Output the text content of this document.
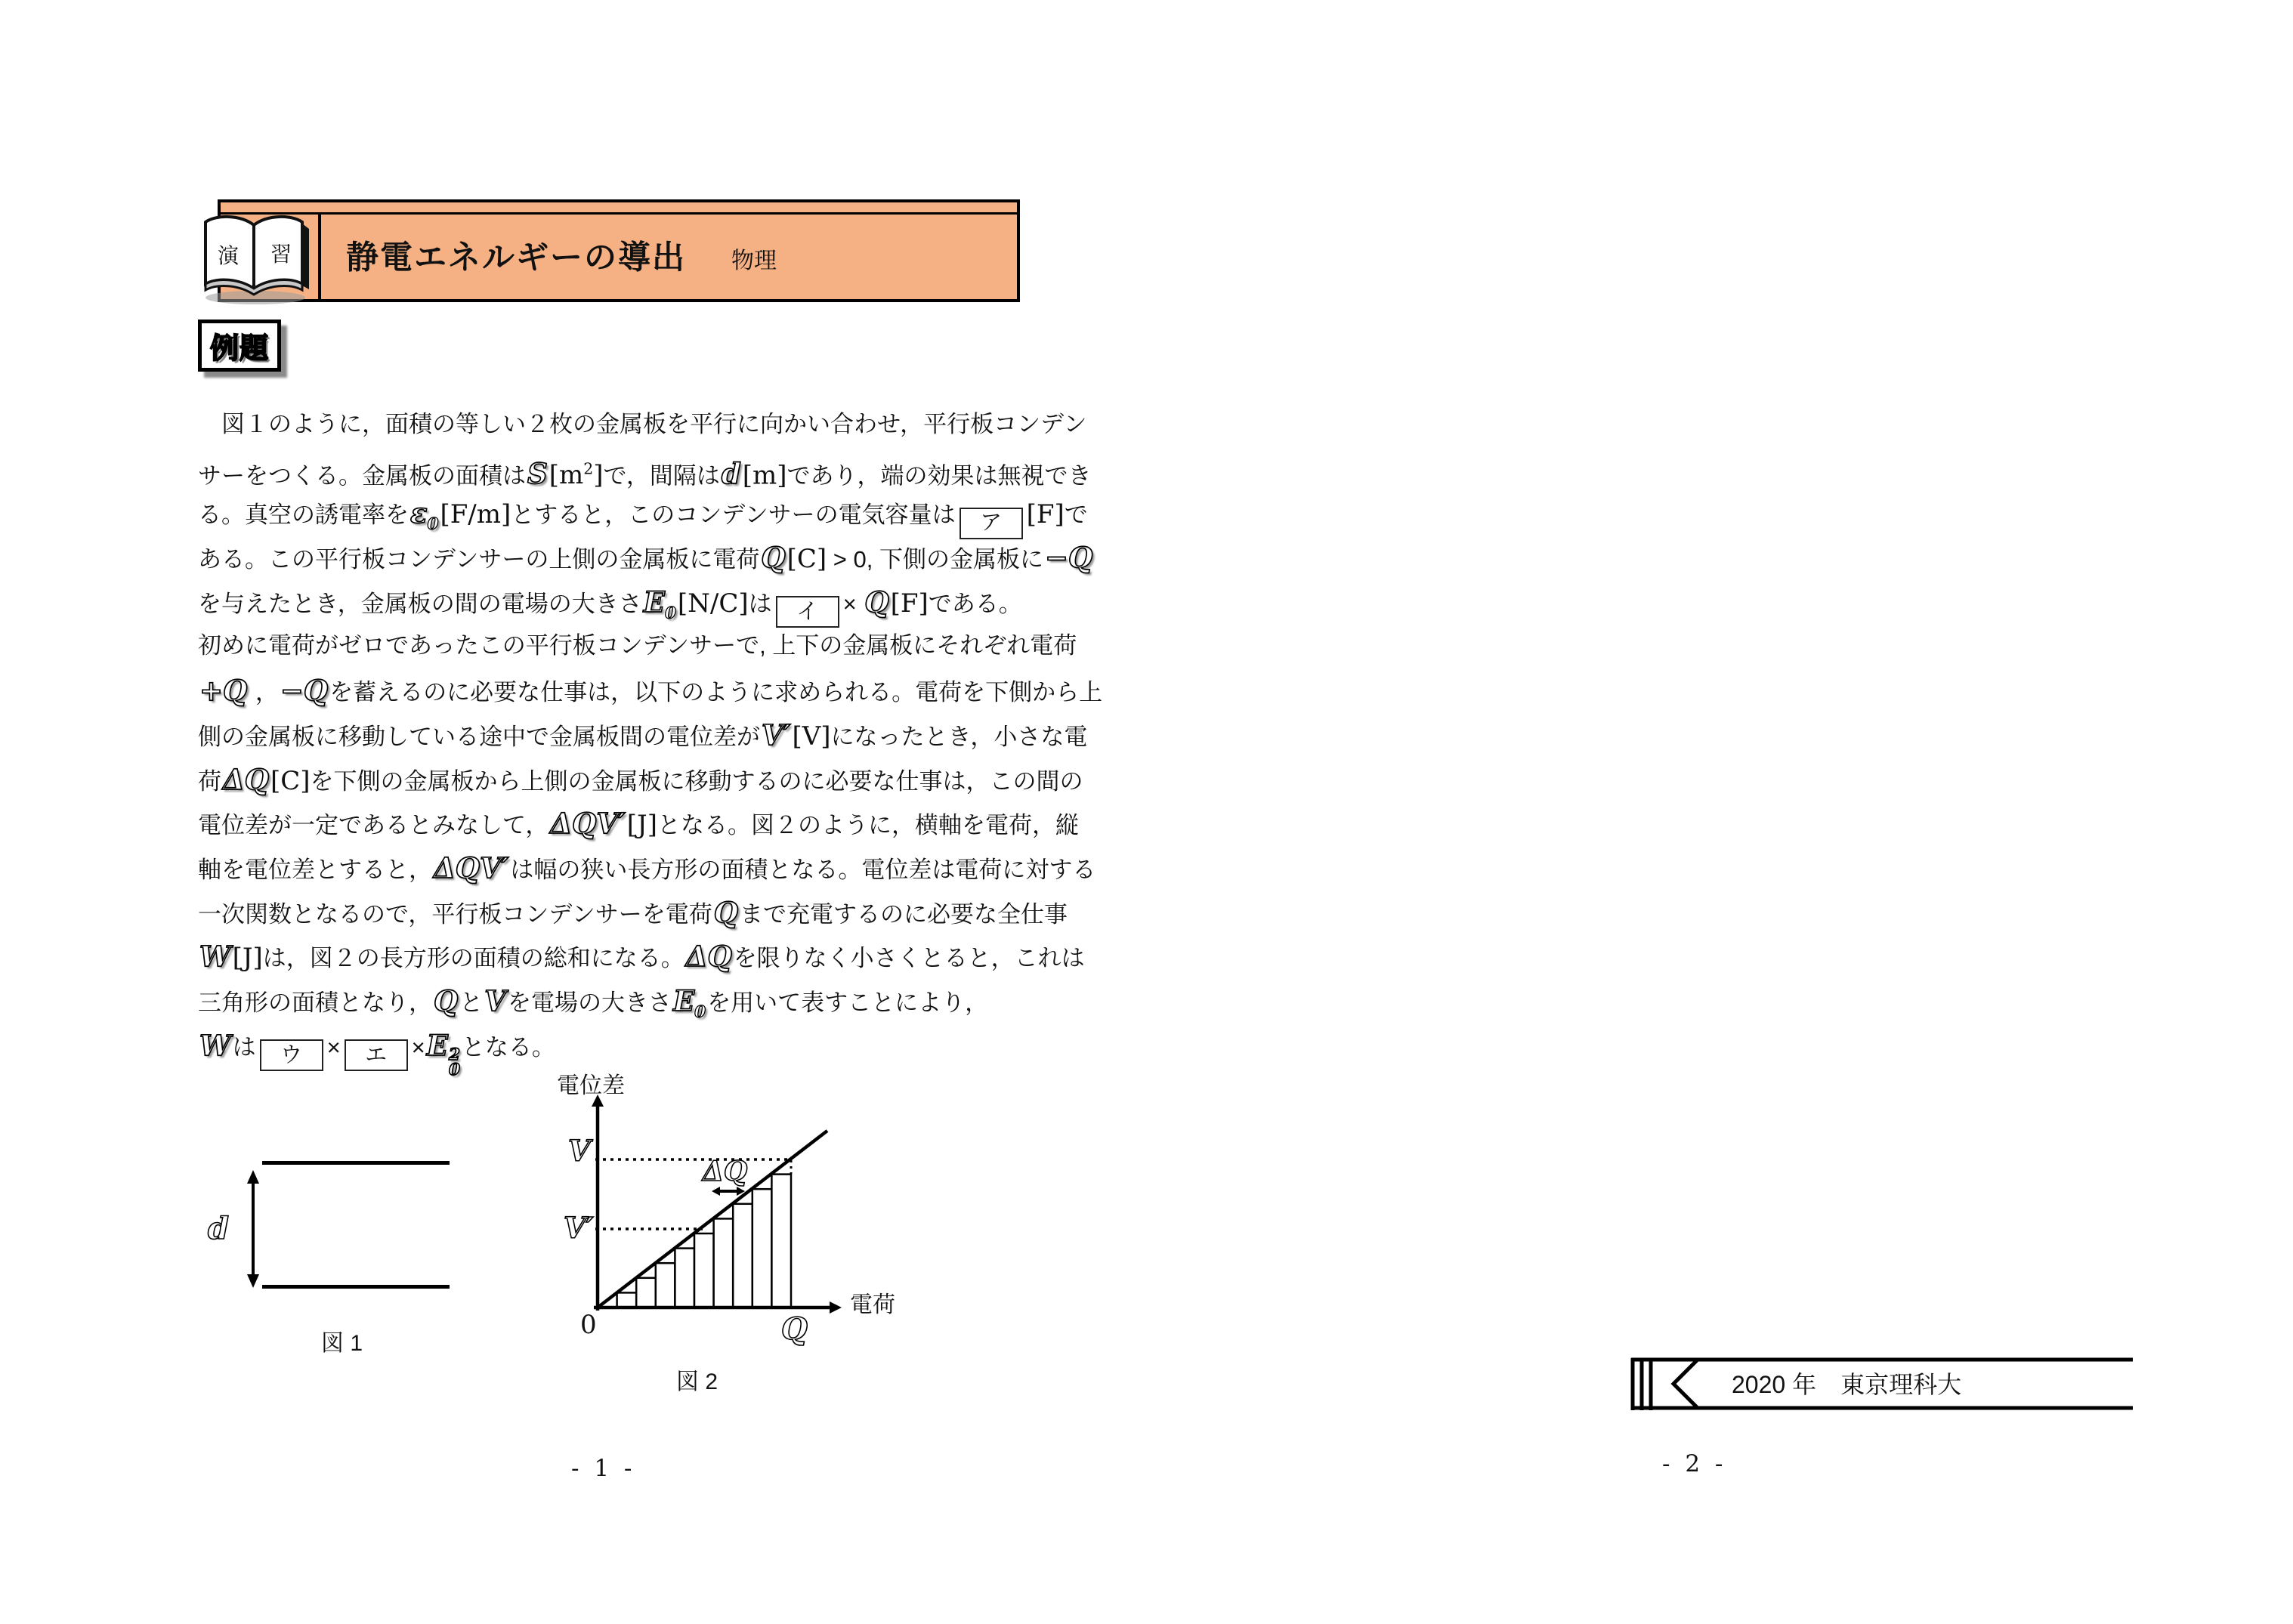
静電エネルギーの導出 物理
演 習
例題
　図１のように，面積の等しい２枚の金属板を平行に向かい合わせ，平行板コンデン
サーをつくる。金属板の面積は$S[m^2]$で，間隔はd[m]であり，端の効果は無視でき
る。真空の誘電率を$\varepsilon_0[F/m]$とすると，このコンデンサーの電気容量は ア [F]で
ある。この平行板コンデンサーの上側の金属板に電荷Q[C] > 0, 下側の金属板に−Q
を与えたとき，金属板の間の電場の大きさ$E_0[N/C]$は イ × Q[F]である。
初めに電荷がゼロであったこの平行板コンデンサーで, 上下の金属板にそれぞれ電荷
+Q ，−Qを蓄えるのに必要な仕事は，以下のように求められる。電荷を下側から上
側の金属板に移動している途中で金属板間の電位差がV′[V]になったとき，小さな電
荷ΔQ[C]を下側の金属板から上側の金属板に移動するのに必要な仕事は，この間の
電位差が一定であるとみなして，ΔQV′[J]となる。図２のように，横軸を電荷，縦
軸を電位差とすると，ΔQV′は幅の狭い長方形の面積となる。電位差は電荷に対する
一次関数となるので，平行板コンデンサーを電荷Qまで充電するのに必要な全仕事
W[J]は，図２の長方形の面積の総和になる。ΔQを限りなく小さくとると，これは
三角形の面積となり，QとVを電場の大きさ$E_0$を用いて表すことにより，
Wは ウ × エ ×E 2
0
となる。
d
図 1
電位差
電荷
V
V′
0	Q
ΔQ
図 2
- 1 -
2020 年　東京理科大
- 2 -
